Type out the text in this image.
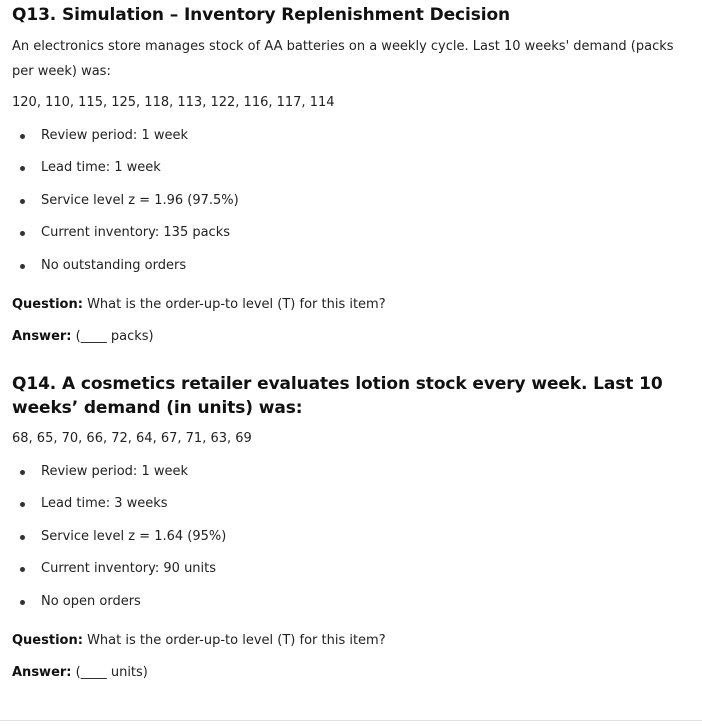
Q13. Simulation – Inventory Replenishment Decision

An electronics store manages stock of AA batteries on a weekly cycle. Last 10 weeks' demand (packs per week) was:

120, 110, 115, 125, 118, 113, 122, 116, 117, 114

Review period: 1 week
Lead time: 1 week
Service level z = 1.96 (97.5%)
Current inventory: 135 packs
No outstanding orders

Question: What is the order-up-to level (T) for this item?

Answer: (____ packs)

Q14. A cosmetics retailer evaluates lotion stock every week. Last 10 weeks’ demand (in units) was:

68, 65, 70, 66, 72, 64, 67, 71, 63, 69

Review period: 1 week
Lead time: 3 weeks
Service level z = 1.64 (95%)
Current inventory: 90 units
No open orders

Question: What is the order-up-to level (T) for this item?

Answer: (____ units)
